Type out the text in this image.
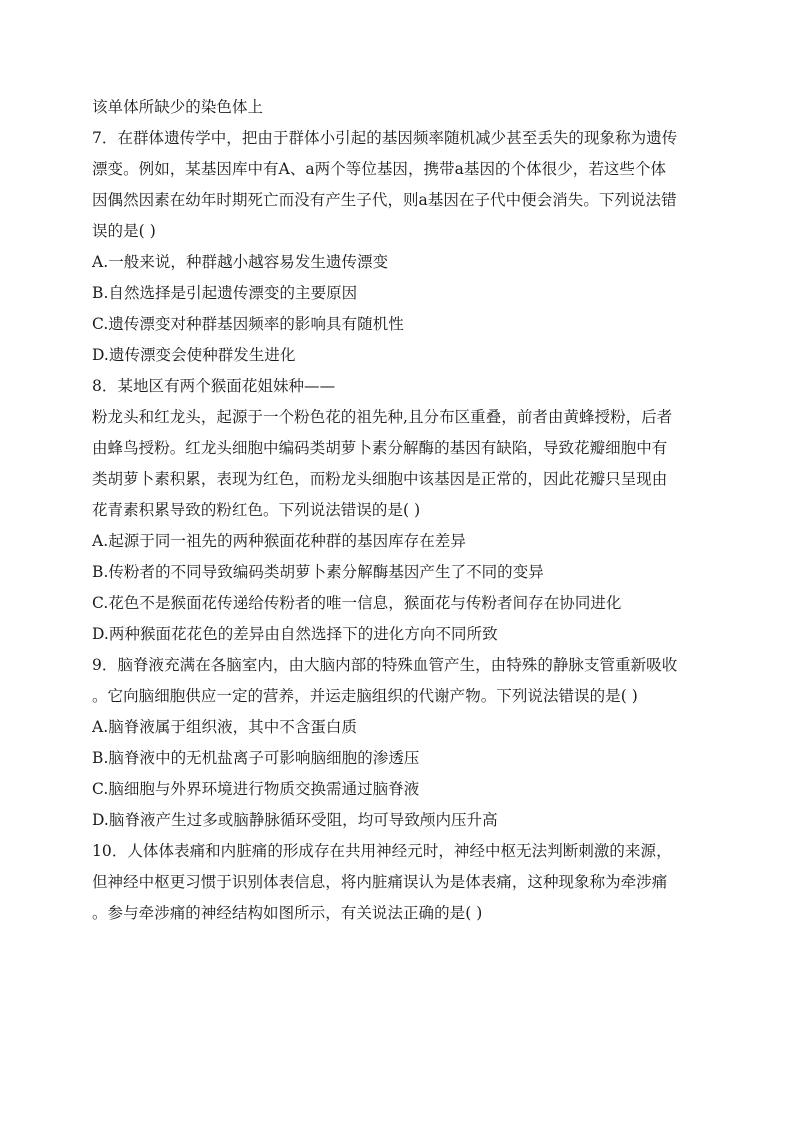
该单体所缺少的染色体上
7．在群体遗传学中，把由于群体小引起的基因频率随机减少甚至丢失的现象称为遗传
漂变。例如，某基因库中有A、a两个等位基因，携带a基因的个体很少，若这些个体
因偶然因素在幼年时期死亡而没有产生子代，则a基因在子代中便会消失。下列说法错
误的是( )
A.一般来说，种群越小越容易发生遗传漂变
B.自然选择是引起遗传漂变的主要原因
C.遗传漂变对种群基因频率的影响具有随机性
D.遗传漂变会使种群发生进化
8．某地区有两个猴面花姐妹种——
粉龙头和红龙头，起源于一个粉色花的祖先种,且分布区重叠，前者由黄蜂授粉，后者
由蜂鸟授粉。红龙头细胞中编码类胡萝卜素分解酶的基因有缺陷，导致花瓣细胞中有
类胡萝卜素积累，表现为红色，而粉龙头细胞中该基因是正常的，因此花瓣只呈现由
花青素积累导致的粉红色。下列说法错误的是( )
A.起源于同一祖先的两种猴面花种群的基因库存在差异
B.传粉者的不同导致编码类胡萝卜素分解酶基因产生了不同的变异
C.花色不是猴面花传递给传粉者的唯一信息，猴面花与传粉者间存在协同进化
D.两种猴面花花色的差异由自然选择下的进化方向不同所致
9．脑脊液充满在各脑室内，由大脑内部的特殊血管产生，由特殊的静脉支管重新吸收
。它向脑细胞供应一定的营养，并运走脑组织的代谢产物。下列说法错误的是( )
A.脑脊液属于组织液，其中不含蛋白质
B.脑脊液中的无机盐离子可影响脑细胞的渗透压
C.脑细胞与外界环境进行物质交换需通过脑脊液
D.脑脊液产生过多或脑静脉循环受阻，均可导致颅内压升高
10．人体体表痛和内脏痛的形成存在共用神经元时，神经中枢无法判断刺激的来源，
但神经中枢更习惯于识别体表信息，将内脏痛误认为是体表痛，这种现象称为牵涉痛
。参与牵涉痛的神经结构如图所示，有关说法正确的是( )
